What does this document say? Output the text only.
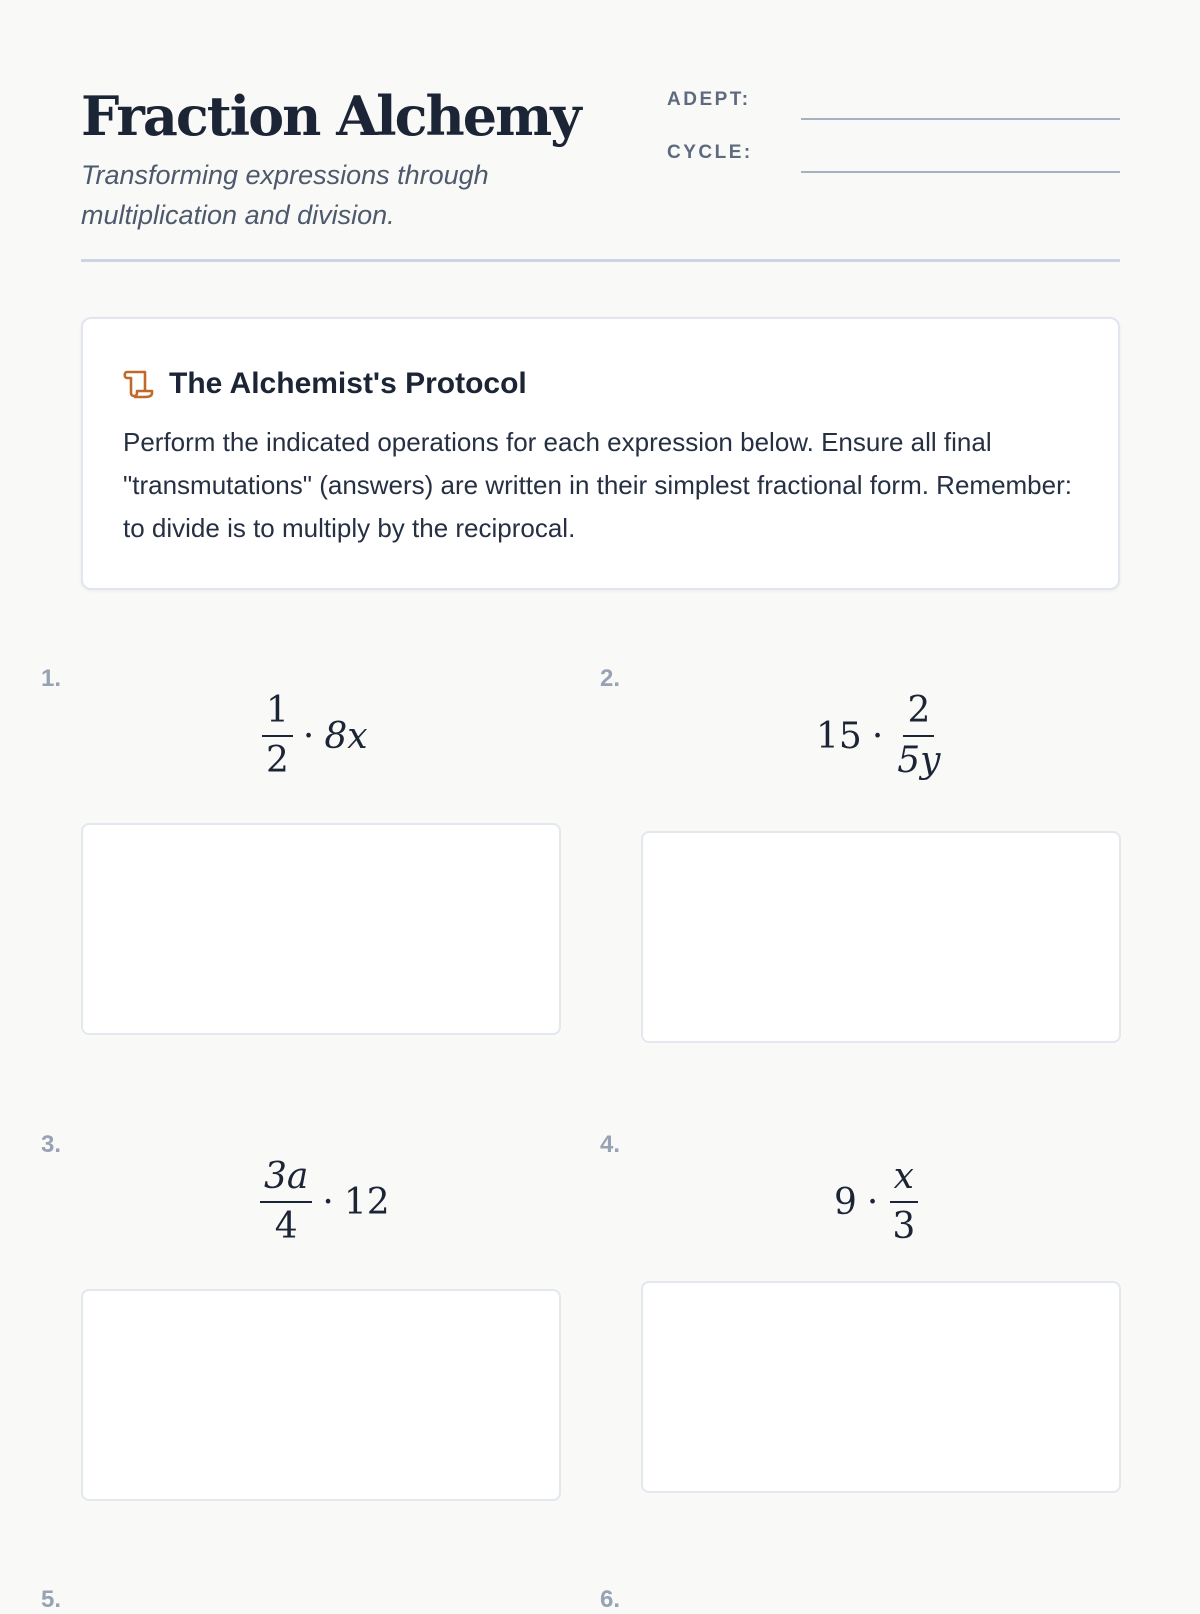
Fraction Alchemy

Transforming expressions through multiplication and division.

ADEPT:
CYCLE:
The Alchemist's Protocol

Perform the indicated operations for each expression below. Ensure all final "transmutations" (answers) are written in their simplest fractional form. Remember: to divide is to multiply by the reciprocal.

1.
$\frac{1}{2} \cdot 8x$
2.
$15 \cdot \frac{2}{5y}$
3.
$\frac{3a}{4} \cdot 12$
4.
$9 \cdot \frac{x}{3}$
5.	6.
